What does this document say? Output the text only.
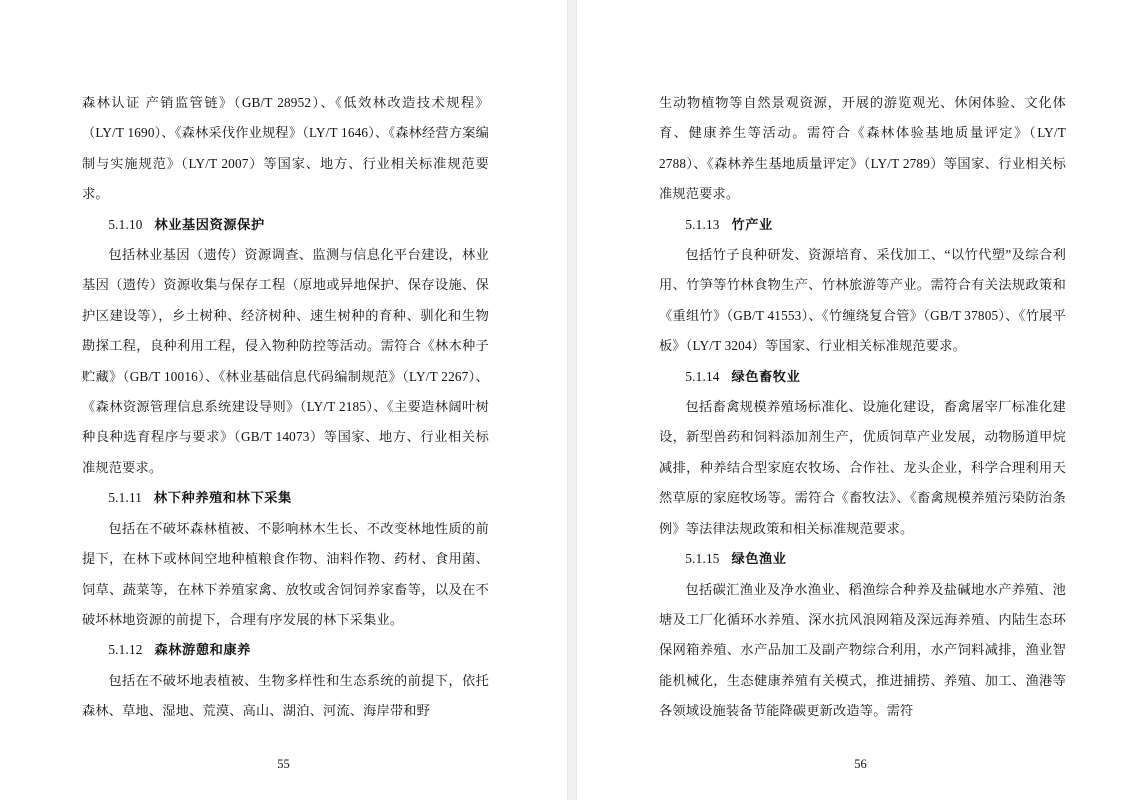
森林认证 产销监管链》（GB/T 28952）、《低效林改造技术规程》（LY/T 1690）、《森林采伐作业规程》（LY/T 1646）、《森林经营方案编制与实施规范》（LY/T 2007）等国家、地方、行业相关标准规范要求。

5.1.10 林业基因资源保护

包括林业基因（遗传）资源调查、监测与信息化平台建设，林业基因（遗传）资源收集与保存工程（原地或异地保护、保存设施、保护区建设等），乡土树种、经济树种、速生树种的育种、驯化和生物勘探工程，良种利用工程，侵入物种防控等活动。需符合《林木种子贮藏》（GB/T 10016）、《林业基础信息代码编制规范》（LY/T 2267）、《森林资源管理信息系统建设导则》（LY/T 2185）、《主要造林阔叶树种良种选育程序与要求》（GB/T 14073）等国家、地方、行业相关标准规范要求。

5.1.11 林下种养殖和林下采集

包括在不破坏森林植被、不影响林木生长、不改变林地性质的前提下，在林下或林间空地种植粮食作物、油料作物、药材、食用菌、饲草、蔬菜等，在林下养殖家禽、放牧或舍饲饲养家畜等，以及在不破坏林地资源的前提下，合理有序发展的林下采集业。

5.1.12 森林游憩和康养

包括在不破坏地表植被、生物多样性和生态系统的前提下，依托森林、草地、湿地、荒漠、高山、湖泊、河流、海岸带和野

55

生动物植物等自然景观资源，开展的游览观光、休闲体验、文化体育、健康养生等活动。需符合《森林体验基地质量评定》（LY/T 2788）、《森林养生基地质量评定》（LY/T 2789）等国家、行业相关标准规范要求。

5.1.13 竹产业

包括竹子良种研发、资源培育、采伐加工、“以竹代塑”及综合利用、竹笋等竹林食物生产、竹林旅游等产业。需符合有关法规政策和《重组竹》（GB/T 41553）、《竹缠绕复合管》（GB/T 37805）、《竹展平板》（LY/T 3204）等国家、行业相关标准规范要求。

5.1.14 绿色畜牧业

包括畜禽规模养殖场标准化、设施化建设，畜禽屠宰厂标准化建设，新型兽药和饲料添加剂生产，优质饲草产业发展，动物肠道甲烷减排，种养结合型家庭农牧场、合作社、龙头企业，科学合理利用天然草原的家庭牧场等。需符合《畜牧法》、《畜禽规模养殖污染防治条例》等法律法规政策和相关标准规范要求。

5.1.15 绿色渔业

包括碳汇渔业及净水渔业、稻渔综合种养及盐碱地水产养殖、池塘及工厂化循环水养殖、深水抗风浪网箱及深远海养殖、内陆生态环保网箱养殖、水产品加工及副产物综合利用，水产饲料减排，渔业智能机械化，生态健康养殖有关模式，推进捕捞、养殖、加工、渔港等各领域设施装备节能降碳更新改造等。需符

56
